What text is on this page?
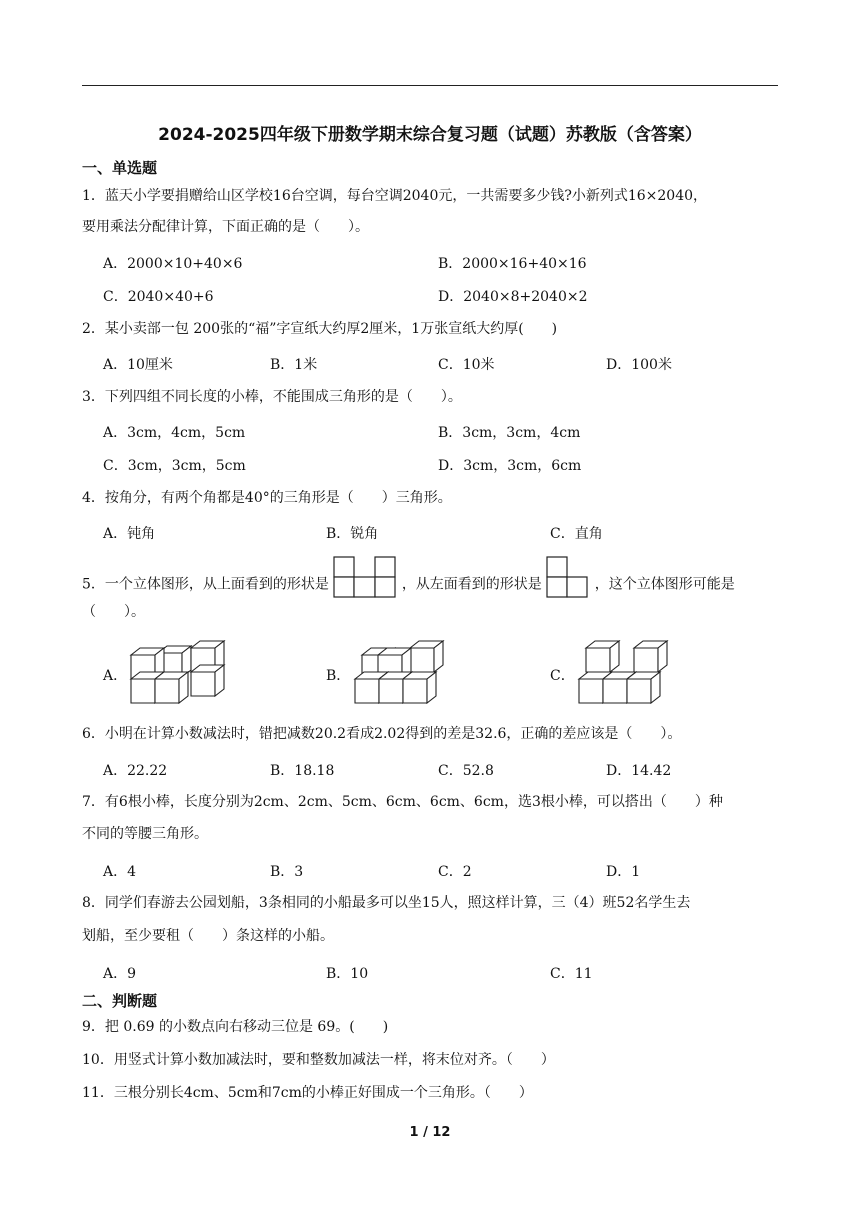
2024-2025四年级下册数学期末综合复习题（试题）苏教版（含答案）
一、单选题
1．蓝天小学要捐赠给山区学校16台空调，每台空调2040元，一共需要多少钱?小新列式16×2040，
要用乘法分配律计算，下面正确的是（　　）。
A．2000×10+40×6	B．2000×16+40×16
C．2040×40+6	D．2040×8+2040×2
2．某小卖部一包 200张的“福”字宣纸大约厚2厘米，1万张宣纸大约厚(　　)
A．10厘米	B．1米	C．10米	D．100米
3．下列四组不同长度的小棒，不能围成三角形的是（　　）。
A．3cm，4cm，5cm	B．3cm，3cm，4cm
C．3cm，3cm，5cm	D．3cm，3cm，6cm
4．按角分，有两个角都是40°的三角形是（　　）三角形。
A．钝角	B．锐角	C．直角
5．一个立体图形，从上面看到的形状是	，从左面看到的形状是	，这个立体图形可能是
（　　）。
A．	B．	C．
6．小明在计算小数减法时，错把减数20.2看成2.02得到的差是32.6，正确的差应该是（　　）。
A．22.22	B．18.18	C．52.8	D．14.42
7．有6根小棒，长度分别为2cm、2cm、5cm、6cm、6cm、6cm，选3根小棒，可以搭出（　　）种
不同的等腰三角形。
A．4	B．3	C．2	D．1
8．同学们春游去公园划船，3条相同的小船最多可以坐15人，照这样计算，三（4）班52名学生去
划船，至少要租（　　）条这样的小船。
A．9	B．10	C．11
二、判断题
9．把 0.69 的小数点向右移动三位是 69。(　　)
10．用竖式计算小数加减法时，要和整数加减法一样，将末位对齐。（　　）
11．三根分别长4cm、5cm和7cm的小棒正好围成一个三角形。（　　）
1 / 12
